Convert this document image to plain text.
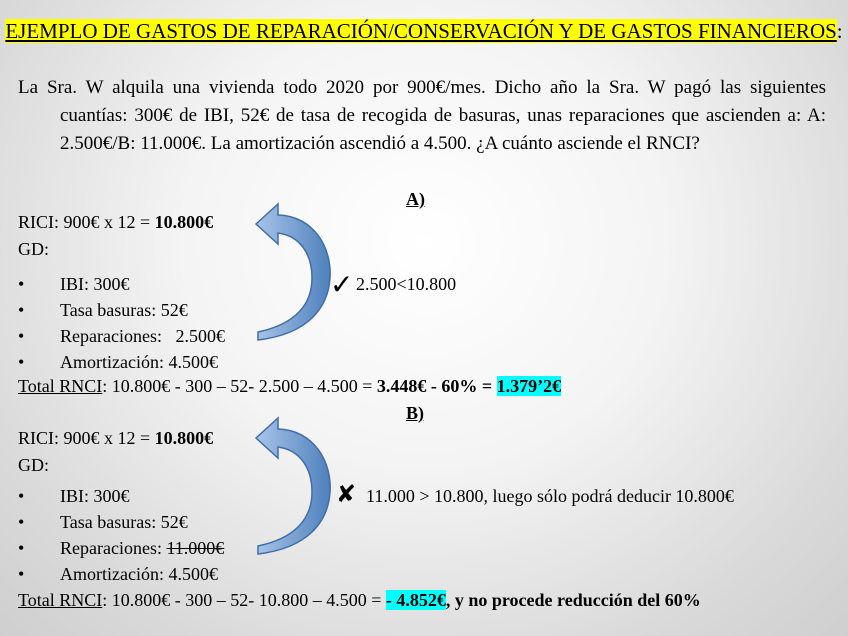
EJEMPLO DE GASTOS DE REPARACIÓN/CONSERVACIÓN Y DE GASTOS FINANCIEROS:
La Sra. W alquila una vivienda todo 2020 por 900€/mes. Dicho año la Sra. W pagó las siguientes cuantías: 300€ de IBI, 52€ de tasa de recogida de basuras, unas reparaciones que ascienden a: A: 2.500€/B: 11.000€. La amortización ascendió a 4.500. ¿A cuánto asciende el RNCI?
A)
RICI: 900€ x 12 = 10.800€
GD:
• IBI: 300€
• Tasa basuras: 52€
• Reparaciones:   2.500€
• Amortización: 4.500€
✓ 2.500<10.800
Total RNCI: 10.800€ - 300 – 52- 2.500 – 4.500 = 3.448€ - 60% = 1.379’2€
B)
RICI: 900€ x 12 = 10.800€
GD:
• IBI: 300€
• Tasa basuras: 52€
• Reparaciones: 11.000€
• Amortización: 4.500€
✘ 11.000 > 10.800, luego sólo podrá deducir 10.800€
Total RNCI: 10.800€ - 300 – 52- 10.800 – 4.500 = - 4.852€, y no procede reducción del 60%
